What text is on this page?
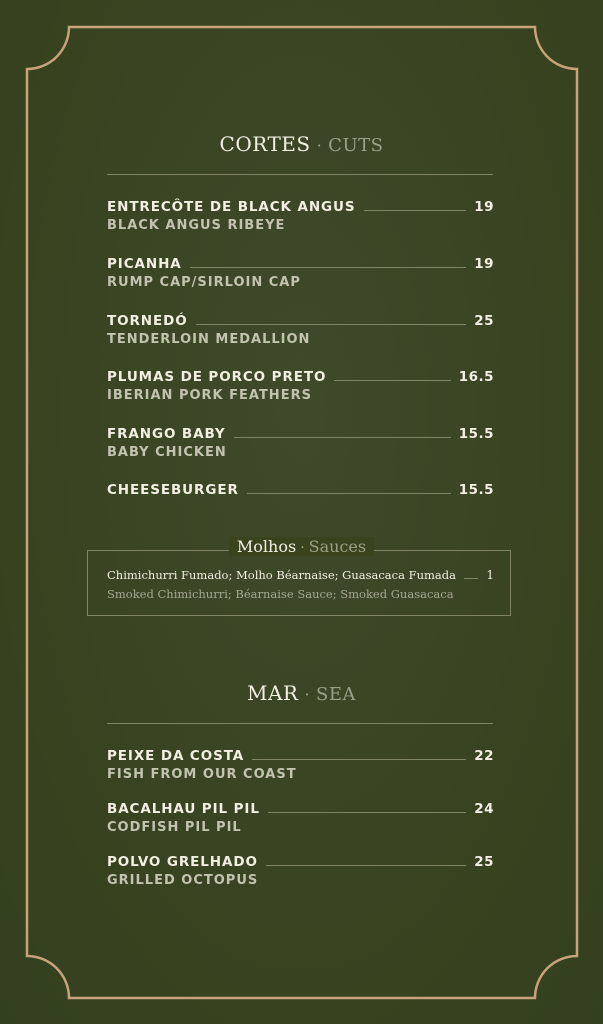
CORTES · CUTS
ENTRECÔTE DE BLACK ANGUS	19
BLACK ANGUS RIBEYE
PICANHA	19
RUMP CAP/SIRLOIN CAP
TORNEDÓ	25
TENDERLOIN MEDALLION
PLUMAS DE PORCO PRETO	16.5
IBERIAN PORK FEATHERS
FRANGO BABY	15.5
BABY CHICKEN
CHEESEBURGER	15.5
Molhos · Sauces
Chimichurri Fumado; Molho Béarnaise; Guasacaca Fumada	1
Smoked Chimichurri; Béarnaise Sauce; Smoked Guasacaca
MAR · SEA
PEIXE DA COSTA	22
FISH FROM OUR COAST
BACALHAU PIL PIL	24
CODFISH PIL PIL
POLVO GRELHADO	25
GRILLED OCTOPUS
